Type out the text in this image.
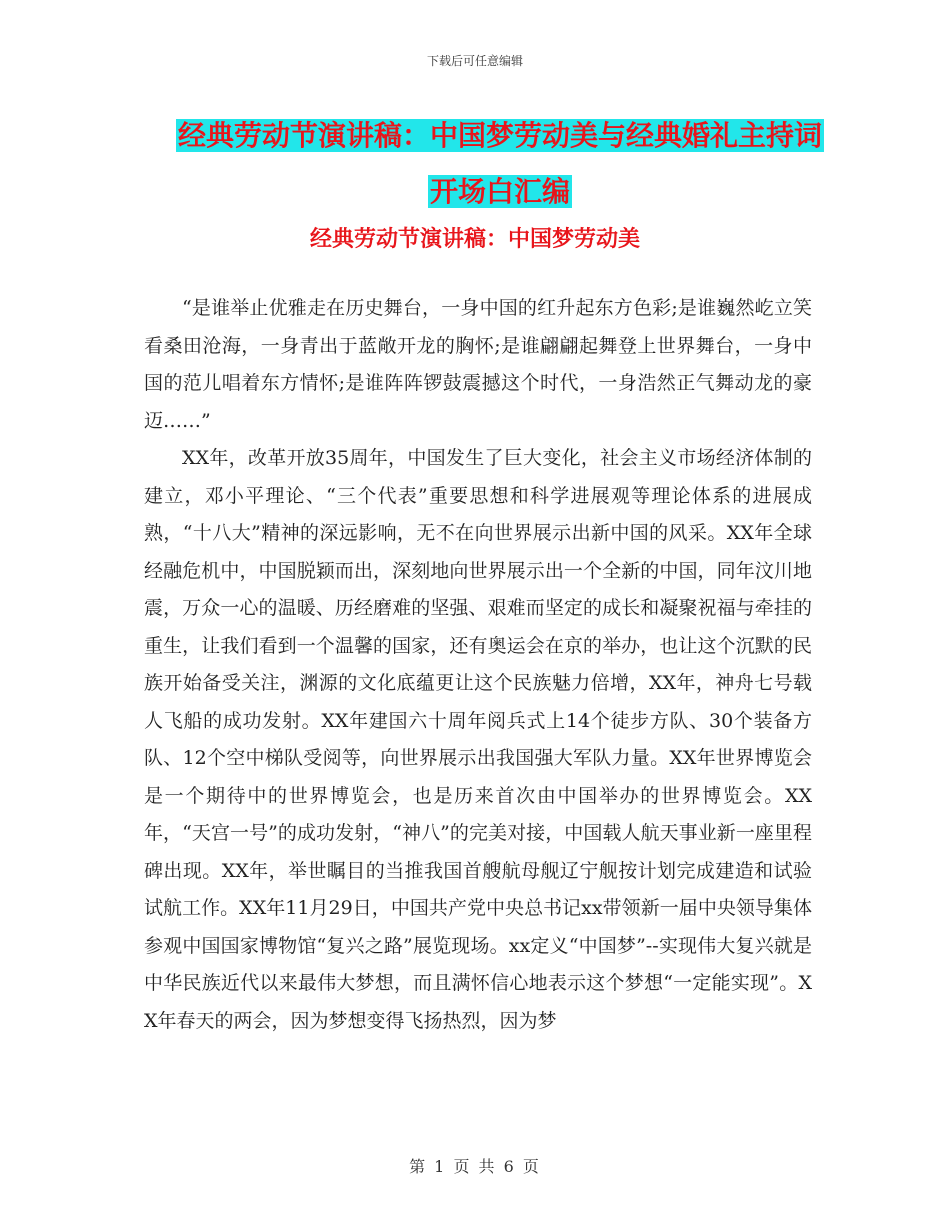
下载后可任意编辑
经典劳动节演讲稿：中国梦劳动美与经典婚礼主持词
开场白汇编
经典劳动节演讲稿：中国梦劳动美

“是谁举止优雅走在历史舞台，一身中国的红升起东方色彩;是谁巍然屹立笑看桑田沧海，一身青出于蓝敞开龙的胸怀;是谁翩翩起舞登上世界舞台，一身中国的范儿唱着东方情怀;是谁阵阵锣鼓震撼这个时代，一身浩然正气舞动龙的豪迈……”

XX年，改革开放35周年，中国发生了巨大变化，社会主义市场经济体制的建立，邓小平理论、“三个代表”重要思想和科学进展观等理论体系的进展成熟，“十八大”精神的深远影响，无不在向世界展示出新中国的风采。XX年全球经融危机中，中国脱颖而出，深刻地向世界展示出一个全新的中国，同年汶川地震，万众一心的温暖、历经磨难的坚强、艰难而坚定的成长和凝聚祝福与牵挂的重生，让我们看到一个温馨的国家，还有奥运会在京的举办，也让这个沉默的民族开始备受关注，渊源的文化底蕴更让这个民族魅力倍增，XX年，神舟七号载人飞船的成功发射。XX年建国六十周年阅兵式上14个徒步方队、30个装备方队、12个空中梯队受阅等，向世界展示出我国强大军队力量。XX年世界博览会是一个期待中的世界博览会，也是历来首次由中国举办的世界博览会。XX年，“天宫一号”的成功发射，“神八”的完美对接，中国载人航天事业新一座里程碑出现。XX年，举世瞩目的当推我国首艘航母舰辽宁舰按计划完成建造和试验试航工作。XX年11月29日，中国共产党中央总书记xx带领新一届中央领导集体参观中国国家博物馆“复兴之路”展览现场。xx定义“中国梦”--实现伟大复兴就是中华民族近代以来最伟大梦想，而且满怀信心地表示这个梦想“一定能实现”。XX年春天的两会，因为梦想变得飞扬热烈，因为梦

第 1 页 共 6 页
